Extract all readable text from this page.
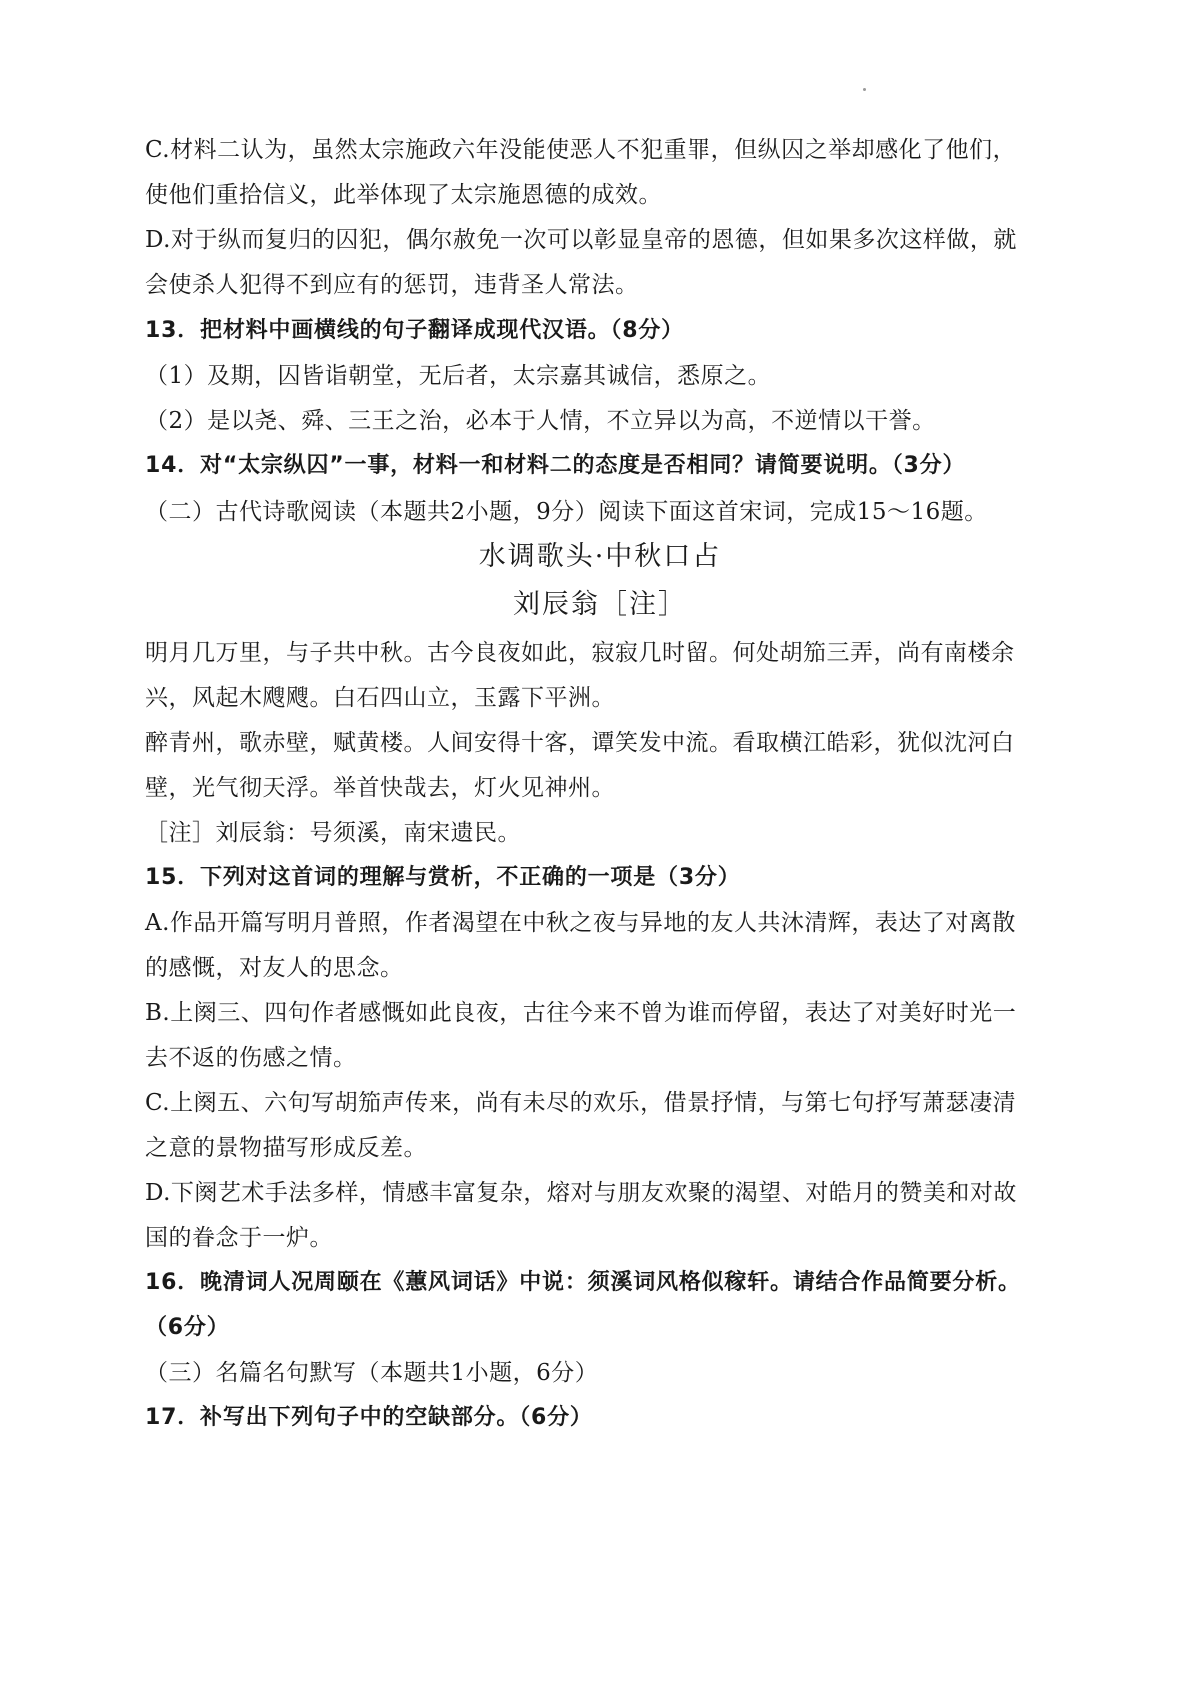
C.材料二认为，虽然太宗施政六年没能使恶人不犯重罪，但纵囚之举却感化了他们，
使他们重拾信义，此举体现了太宗施恩德的成效。
D.对于纵而复归的囚犯，偶尔赦免一次可以彰显皇帝的恩德，但如果多次这样做，就
会使杀人犯得不到应有的惩罚，违背圣人常法。
13．把材料中画横线的句子翻译成现代汉语。（8分）
（1）及期，囚皆诣朝堂，无后者，太宗嘉其诚信，悉原之。
（2）是以尧、舜、三王之治，必本于人情，不立异以为高，不逆情以干誉。
14．对“太宗纵囚”一事，材料一和材料二的态度是否相同？请简要说明。（3分）
（二）古代诗歌阅读（本题共2小题，9分）阅读下面这首宋词，完成15～16题。
水调歌头·中秋口占
刘辰翁［注］
明月几万里，与子共中秋。古今良夜如此，寂寂几时留。何处胡笳三弄，尚有南楼余
兴，风起木飕飕。白石四山立，玉露下平洲。
醉青州，歌赤壁，赋黄楼。人间安得十客，谭笑发中流。看取横江皓彩，犹似沈河白
壁，光气彻天浮。举首快哉去，灯火见神州。
［注］刘辰翁：号须溪，南宋遗民。
15．下列对这首词的理解与赏析，不正确的一项是（3分）
A.作品开篇写明月普照，作者渴望在中秋之夜与异地的友人共沐清辉，表达了对离散
的感慨，对友人的思念。
B.上阕三、四句作者感慨如此良夜，古往今来不曾为谁而停留，表达了对美好时光一
去不返的伤感之情。
C.上阕五、六句写胡笳声传来，尚有未尽的欢乐，借景抒情，与第七句抒写萧瑟凄清
之意的景物描写形成反差。
D.下阕艺术手法多样，情感丰富复杂，熔对与朋友欢聚的渴望、对皓月的赞美和对故
国的眷念于一炉。
16．晚清词人况周颐在《蕙风词话》中说：须溪词风格似稼轩。请结合作品简要分析。
（6分）
（三）名篇名句默写（本题共1小题，6分）
17．补写出下列句子中的空缺部分。（6分）
